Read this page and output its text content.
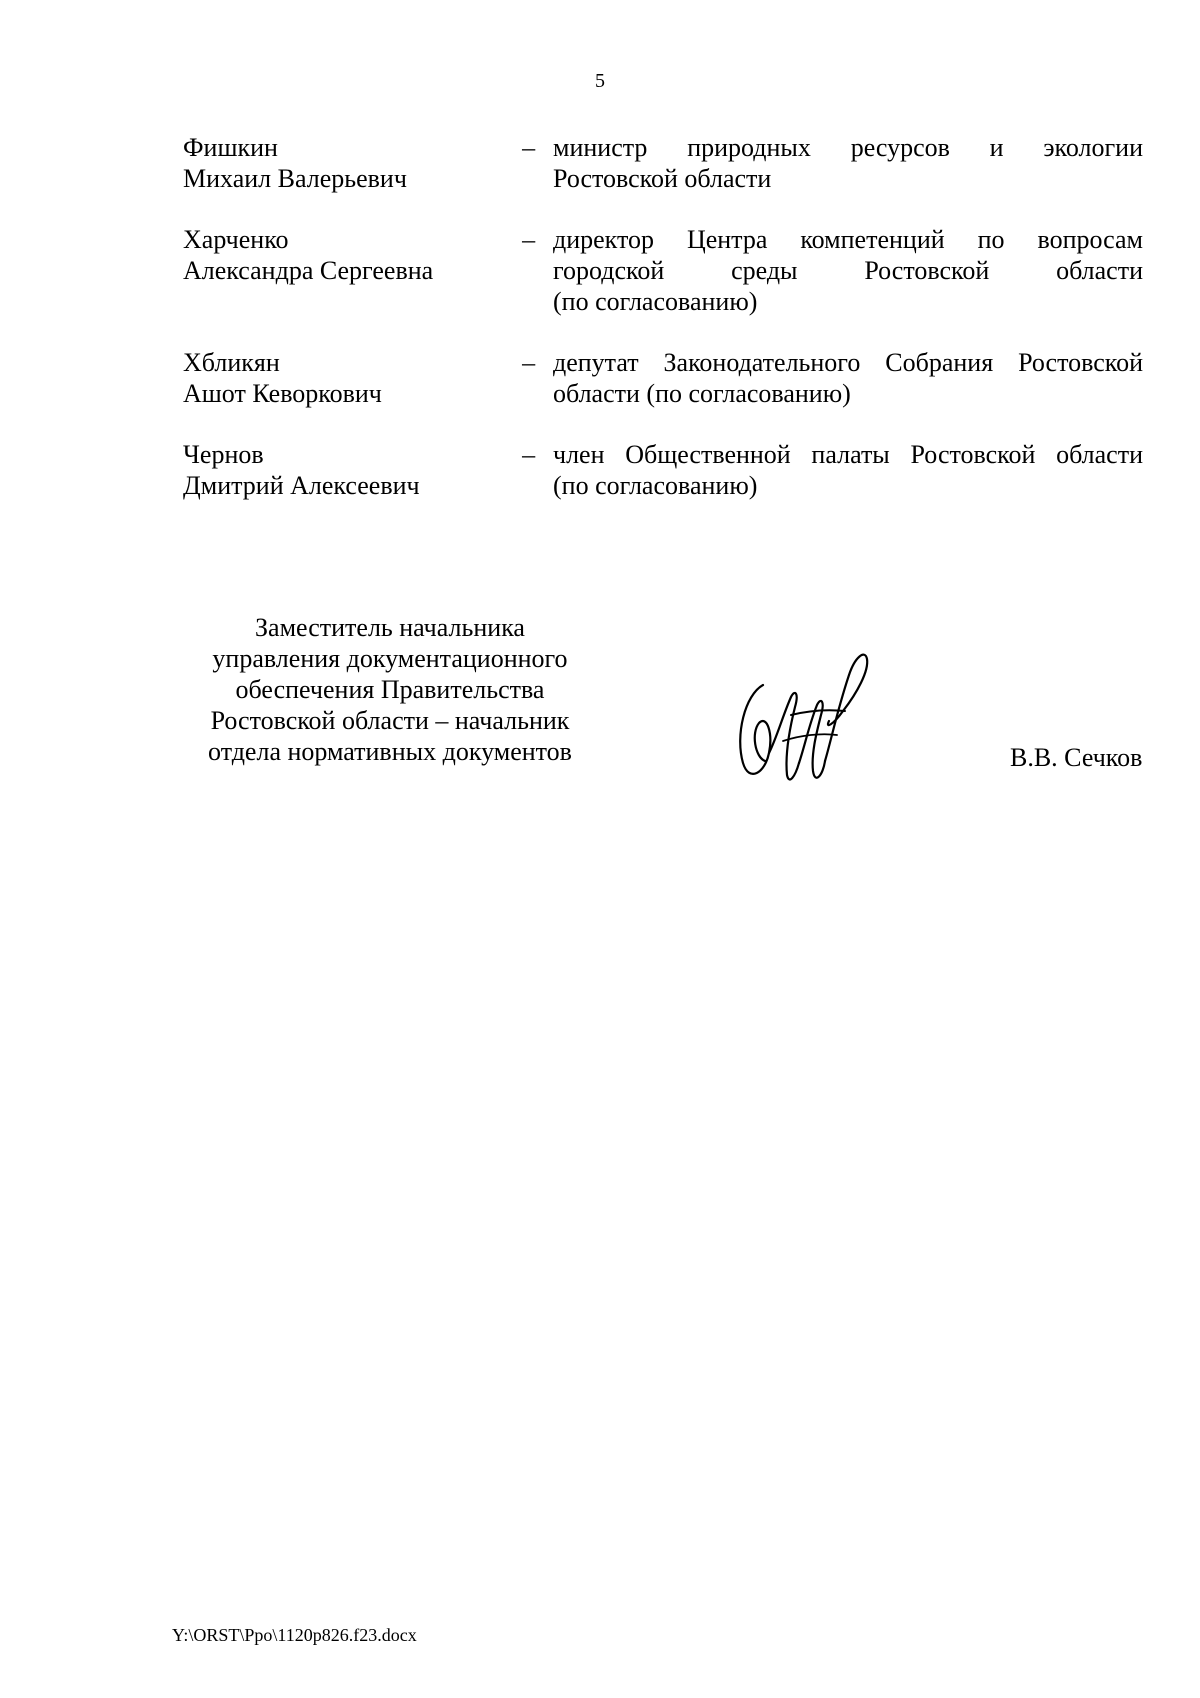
5
Фишкин
Михаил Валерьевич
– министр природных ресурсов и экологии
Ростовской области
Харченко
Александра Сергеевна
– директор Центра компетенций по вопросам
городской среды Ростовской области
(по согласованию)
Хбликян
Ашот Кеворкович
– депутат Законодательного Собрания Ростовской
области (по согласованию)
Чернов
Дмитрий Алексеевич
– член Общественной палаты Ростовской области
(по согласованию)
Заместитель начальника
управления документационного
обеспечения Правительства
Ростовской области – начальник
отдела нормативных документов	В.В. Сечков
Y:\ORST\Ppo\1120p826.f23.docx
